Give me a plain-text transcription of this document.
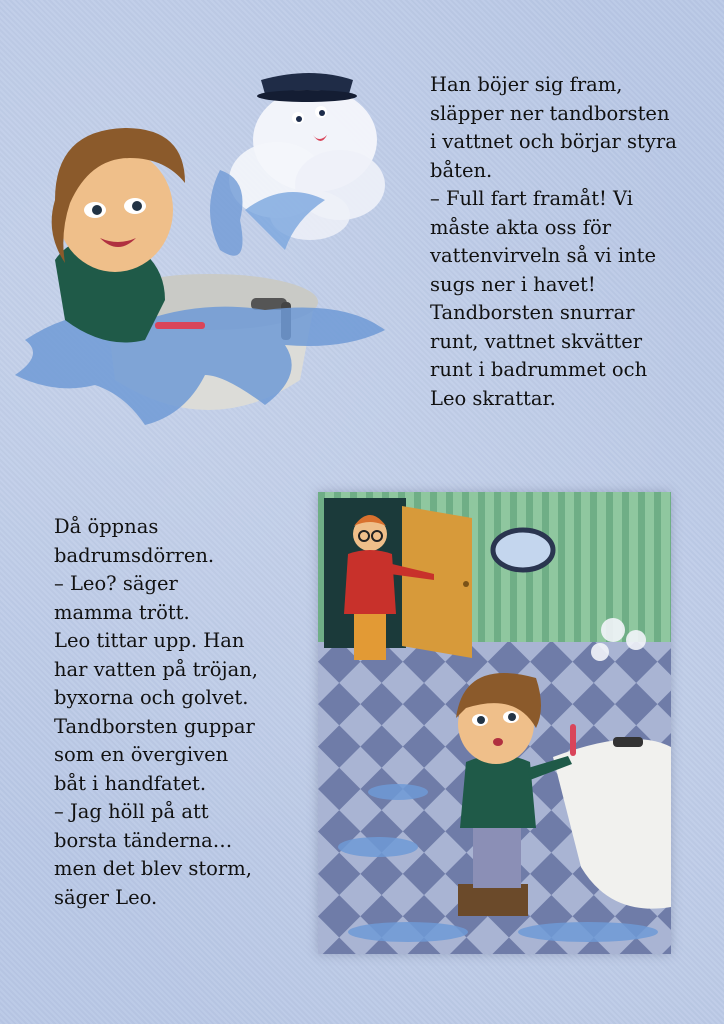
Han böjer sig fram,
släpper ner tandborsten
i vattnet och börjar styra
båten.
– Full fart framåt! Vi
måste akta oss för
vattenvirveln så vi inte
sugs ner i havet!
Tandborsten snurrar
runt, vattnet skvätter
runt i badrummet och
Leo skrattar.
Då öppnas
badrumsdörren.
– Leo? säger
mamma trött.
Leo tittar upp. Han
har vatten på tröjan,
byxorna och golvet.
Tandborsten guppar
som en övergiven
båt i handfatet.
– Jag höll på att
borsta tänderna…
men det blev storm,
säger Leo.
